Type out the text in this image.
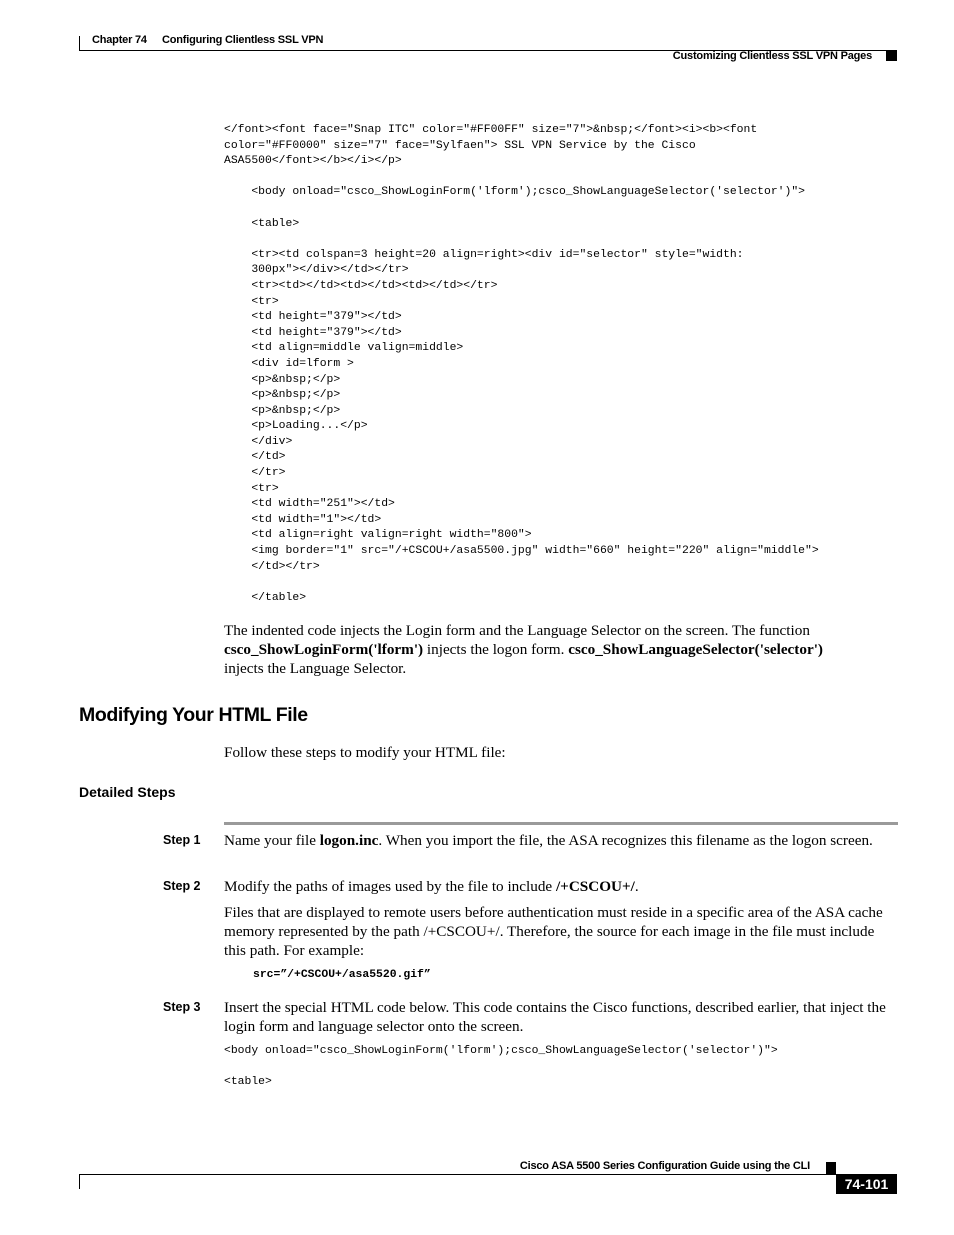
Chapter 74 Configuring Clientless SSL VPN
Customizing Clientless SSL VPN Pages
</font><font face="Snap ITC" color="#FF00FF" size="7">&nbsp;</font><i><b><font
color="#FF0000" size="7" face="Sylfaen"> SSL VPN Service by the Cisco
ASA5500</font></b></i></p>
<body onload="csco_ShowLoginForm('lform');csco_ShowLanguageSelector('selector')">
<table>
<tr><td colspan=3 height=20 align=right><div id="selector" style="width:
300px"></div></td></tr>
<tr><td></td><td></td><td></td></tr>
<tr>
<td height="379"></td>
<td height="379"></td>
<td align=middle valign=middle>
<div id=lform >
<p>&nbsp;</p>
<p>&nbsp;</p>
<p>&nbsp;</p>
<p>Loading...</p>
</div>
</td>
</tr>
<tr>
<td width="251"></td>
<td width="1"></td>
<td align=right valign=right width="800">
<img border="1" src="/+CSCOU+/asa5500.jpg" width="660" height="220" align="middle">
</td></tr>
</table>
The indented code injects the Login form and the Language Selector on the screen. The function
csco_ShowLoginForm('lform') injects the logon form. csco_ShowLanguageSelector('selector')
injects the Language Selector.
Modifying Your HTML File
Follow these steps to modify your HTML file:
Detailed Steps
Step 1 Name your file logon.inc. When you import the file, the ASA recognizes this filename as the logon screen.
Step 2 Modify the paths of images used by the file to include /+CSCOU+/.
Files that are displayed to remote users before authentication must reside in a specific area of the ASA cache memory represented by the path /+CSCOU+/. Therefore, the source for each image in the file must include this path. For example:
src=”/+CSCOU+/asa5520.gif”
Step 3 Insert the special HTML code below. This code contains the Cisco functions, described earlier, that inject the login form and language selector onto the screen.
<body onload="csco_ShowLoginForm('lform');csco_ShowLanguageSelector('selector')">
<table>
Cisco ASA 5500 Series Configuration Guide using the CLI
74-101
